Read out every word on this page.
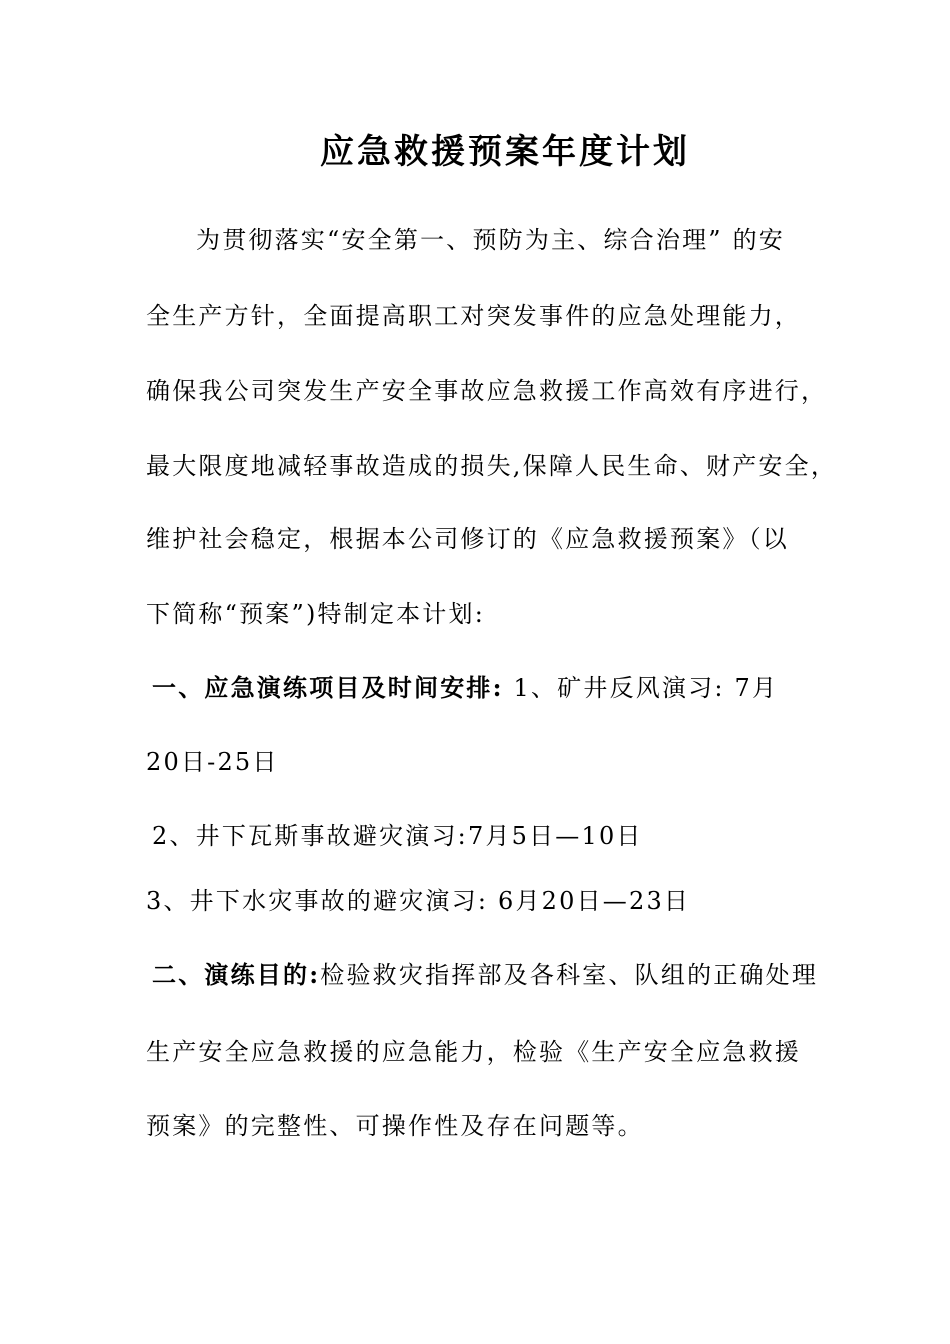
应急救援预案年度计划
为贯彻落实“安全第一、预防为主、综合治理” 的安
全生产方针，全面提高职工对突发事件的应急处理能力，
确保我公司突发生产安全事故应急救援工作高效有序进行，
最大限度地减轻事故造成的损失,保障人民生命、财产安全，
维护社会稳定，根据本公司修订的《应急救援预案》（以
下简称“预案”)特制定本计划:
一、应急演练项目及时间安排: 1、矿井反风演习: 7月
20日-25日
2、井下瓦斯事故避灾演习:7月5日—10日
3、井下水灾事故的避灾演习: 6月20日—23日
二、演练目的:检验救灾指挥部及各科室、队组的正确处理
生产安全应急救援的应急能力，检验《生产安全应急救援
预案》的完整性、可操作性及存在问题等。
